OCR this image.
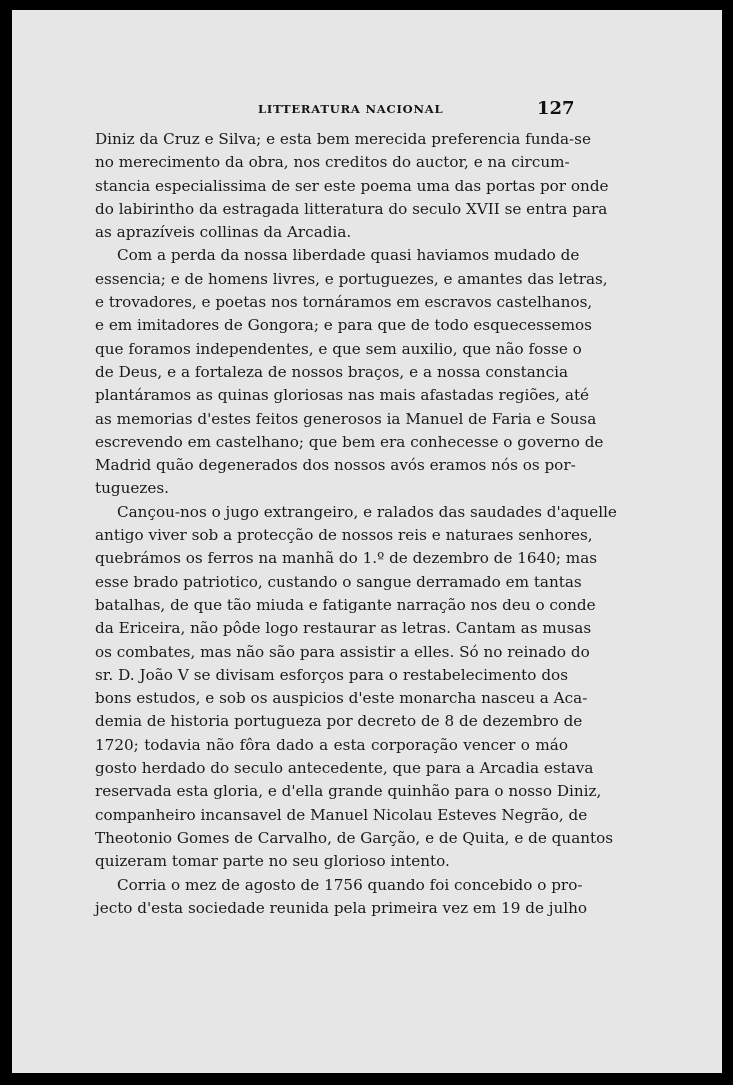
LITTERATURA NACIONAL	127
Diniz da Cruz e Silva; e esta bem merecida preferencia funda-se
no merecimento da obra, nos creditos do auctor, e na circum-
stancia especialissima de ser este poema uma das portas por onde
do labirintho da estragada litteratura do seculo XVII se entra para
as aprazíveis collinas da Arcadia.
Com a perda da nossa liberdade quasi haviamos mudado de
essencia; e de homens livres, e portuguezes, e amantes das letras,
e trovadores, e poetas nos tornáramos em escravos castelhanos,
e em imitadores de Gongora; e para que de todo esquecessemos
que foramos independentes, e que sem auxilio, que não fosse o
de Deus, e a fortaleza de nossos braços, e a nossa constancia
plantáramos as quinas gloriosas nas mais afastadas regiões, até
as memorias d'estes feitos generosos ia Manuel de Faria e Sousa
escrevendo em castelhano; que bem era conhecesse o governo de
Madrid quão degenerados dos nossos avós eramos nós os por-
tuguezes.
Cançou-nos o jugo extrangeiro, e ralados das saudades d'aquelle
antigo viver sob a protecção de nossos reis e naturaes senhores,
quebrámos os ferros na manhã do 1.º de dezembro de 1640; mas
esse brado patriotico, custando o sangue derramado em tantas
batalhas, de que tão miuda e fatigante narração nos deu o conde
da Ericeira, não pôde logo restaurar as letras. Cantam as musas
os combates, mas não são para assistir a elles. Só no reinado do
sr. D. João V se divisam esforços para o restabelecimento dos
bons estudos, e sob os auspicios d'este monarcha nasceu a Aca-
demia de historia portugueza por decreto de 8 de dezembro de
1720; todavia não fôra dado a esta corporação vencer o máo
gosto herdado do seculo antecedente, que para a Arcadia estava
reservada esta gloria, e d'ella grande quinhão para o nosso Diniz,
companheiro incansavel de Manuel Nicolau Esteves Negrão, de
Theotonio Gomes de Carvalho, de Garção, e de Quita, e de quantos
quizeram tomar parte no seu glorioso intento.
Corria o mez de agosto de 1756 quando foi concebido o pro-
jecto d'esta sociedade reunida pela primeira vez em 19 de julho
